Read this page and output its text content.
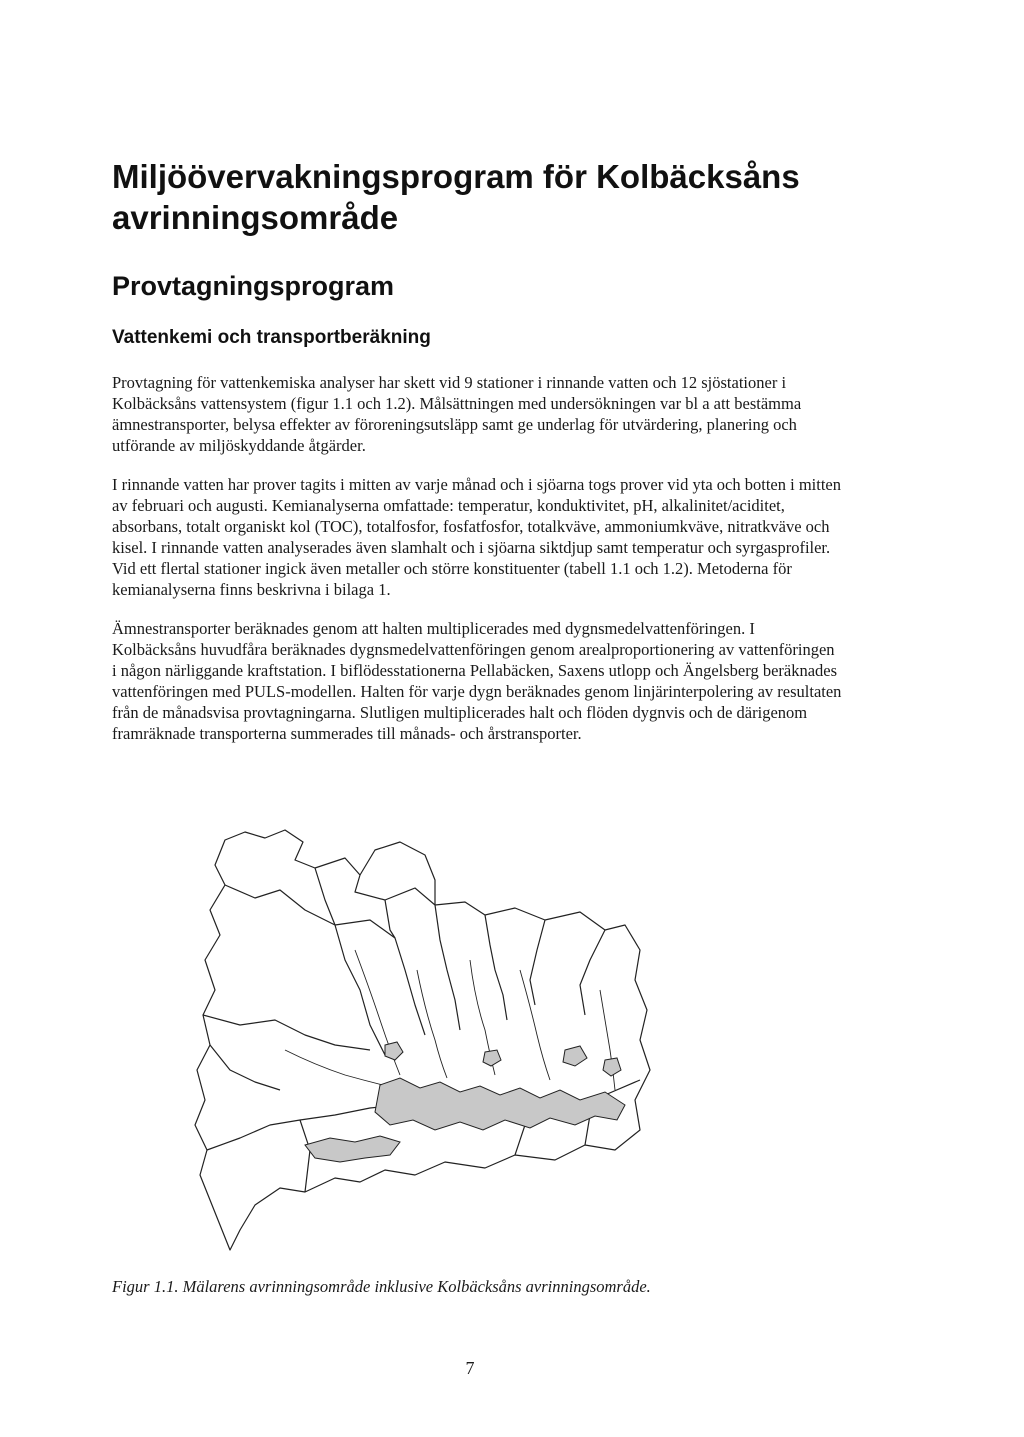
Miljöövervakningsprogram för Kolbäcksåns avrinningsområde
Provtagningsprogram
Vattenkemi och transportberäkning

Provtagning för vattenkemiska analyser har skett vid 9 stationer i rinnande vatten och 12 sjöstationer i Kolbäcksåns vattensystem (figur 1.1 och 1.2). Målsättningen med undersökningen var bl a att bestämma ämnestransporter, belysa effekter av föroreningsutsläpp samt ge underlag för utvärdering, planering och utförande av miljöskyddande åtgärder.

I rinnande vatten har prover tagits i mitten av varje månad och i sjöarna togs prover vid yta och botten i mitten av februari och augusti. Kemianalyserna omfattade: temperatur, konduktivitet, pH, alkalinitet/aciditet, absorbans, totalt organiskt kol (TOC), totalfosfor, fosfatfosfor, totalkväve, ammoniumkväve, nitratkväve och kisel. I rinnande vatten analyserades även slamhalt och i sjöarna siktdjup samt temperatur och syrgasprofiler. Vid ett flertal stationer ingick även metaller och större konstituenter (tabell 1.1 och 1.2). Metoderna för kemianalyserna finns beskrivna i bilaga 1.

Ämnestransporter beräknades genom att halten multiplicerades med dygnsmedelvattenföringen. I Kolbäcksåns huvudfåra beräknades dygnsmedelvattenföringen genom arealproportionering av vattenföringen i någon närliggande kraftstation. I biflödesstationerna Pellabäcken, Saxens utlopp och Ängelsberg beräknades vattenföringen med PULS-modellen. Halten för varje dygn beräknades genom linjärinterpolering av resultaten från de månadsvisa provtagningarna. Slutligen multiplicerades halt och flöden dygnvis och de därigenom framräknade transporterna summerades till månads- och årstransporter.

Figur 1.1. Mälarens avrinningsområde inklusive Kolbäcksåns avrinningsområde.
7
